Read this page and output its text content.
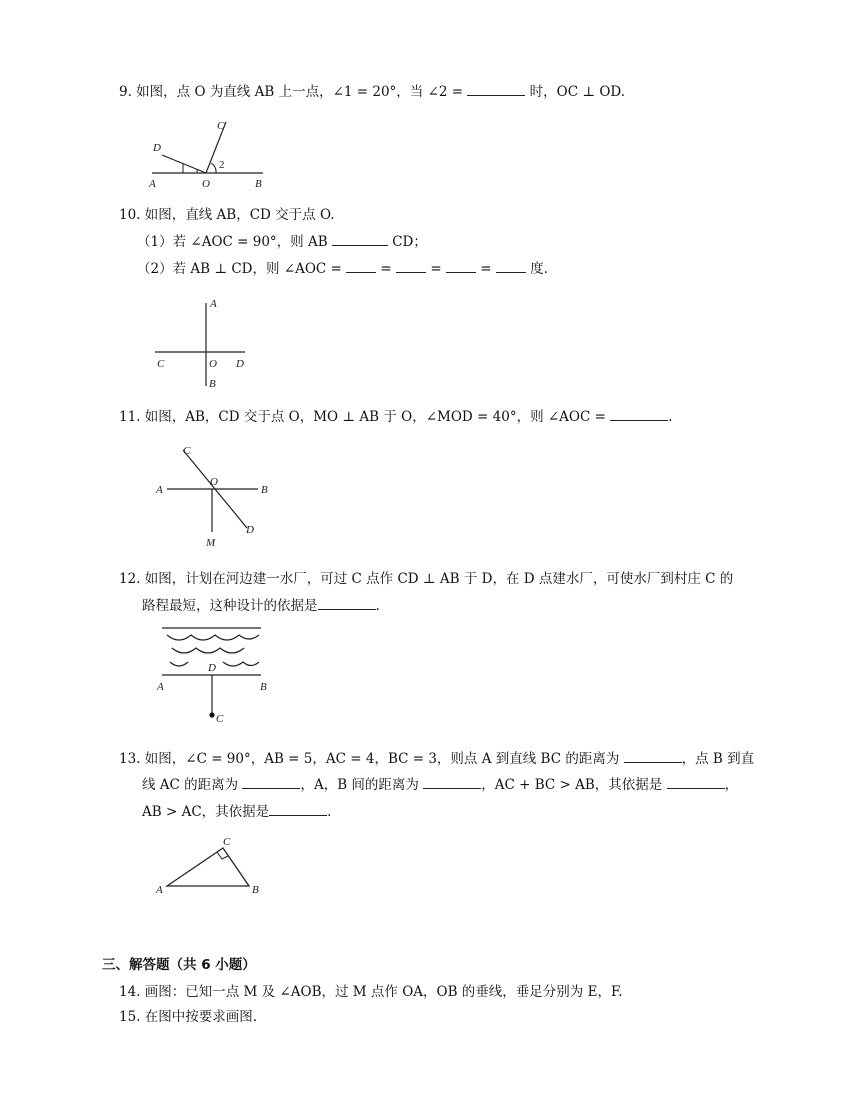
9. 如图，点 O 为直线 AB 上一点，∠1 = 20°，当 ∠2 =	时，OC ⊥ OD.
C
D
A	O	B
2
10. 如图，直线 AB，CD 交于点 O.
（1）若 ∠AOC = 90°，则 AB	CD；
（2）若 AB ⊥ CD，则 ∠AOC =	=	=	=	度.
A
C	O D
B
11. 如图，AB，CD 交于点 O，MO ⊥ AB 于 O，∠MOD = 40°，则 ∠AOC =	.
C
O
A	B
D
M
12. 如图，计划在河边建一水厂，可过 C 点作 CD ⊥ AB 于 D，在 D 点建水厂，可使水厂到村庄 C 的
路程最短，这种设计的依据是	.
D
A	B
C
13. 如图，∠C = 90°，AB = 5，AC = 4，BC = 3，则点 A 到直线 BC 的距离为	，点 B 到直
线 AC 的距离为	，A，B 间的距离为	，AC + BC > AB，其依据是	，
AB > AC，其依据是	.
C
A	B
三、解答题（共 6 小题）
14. 画图：已知一点 M 及 ∠AOB，过 M 点作 OA，OB 的垂线，垂足分别为 E，F.
15. 在图中按要求画图.
